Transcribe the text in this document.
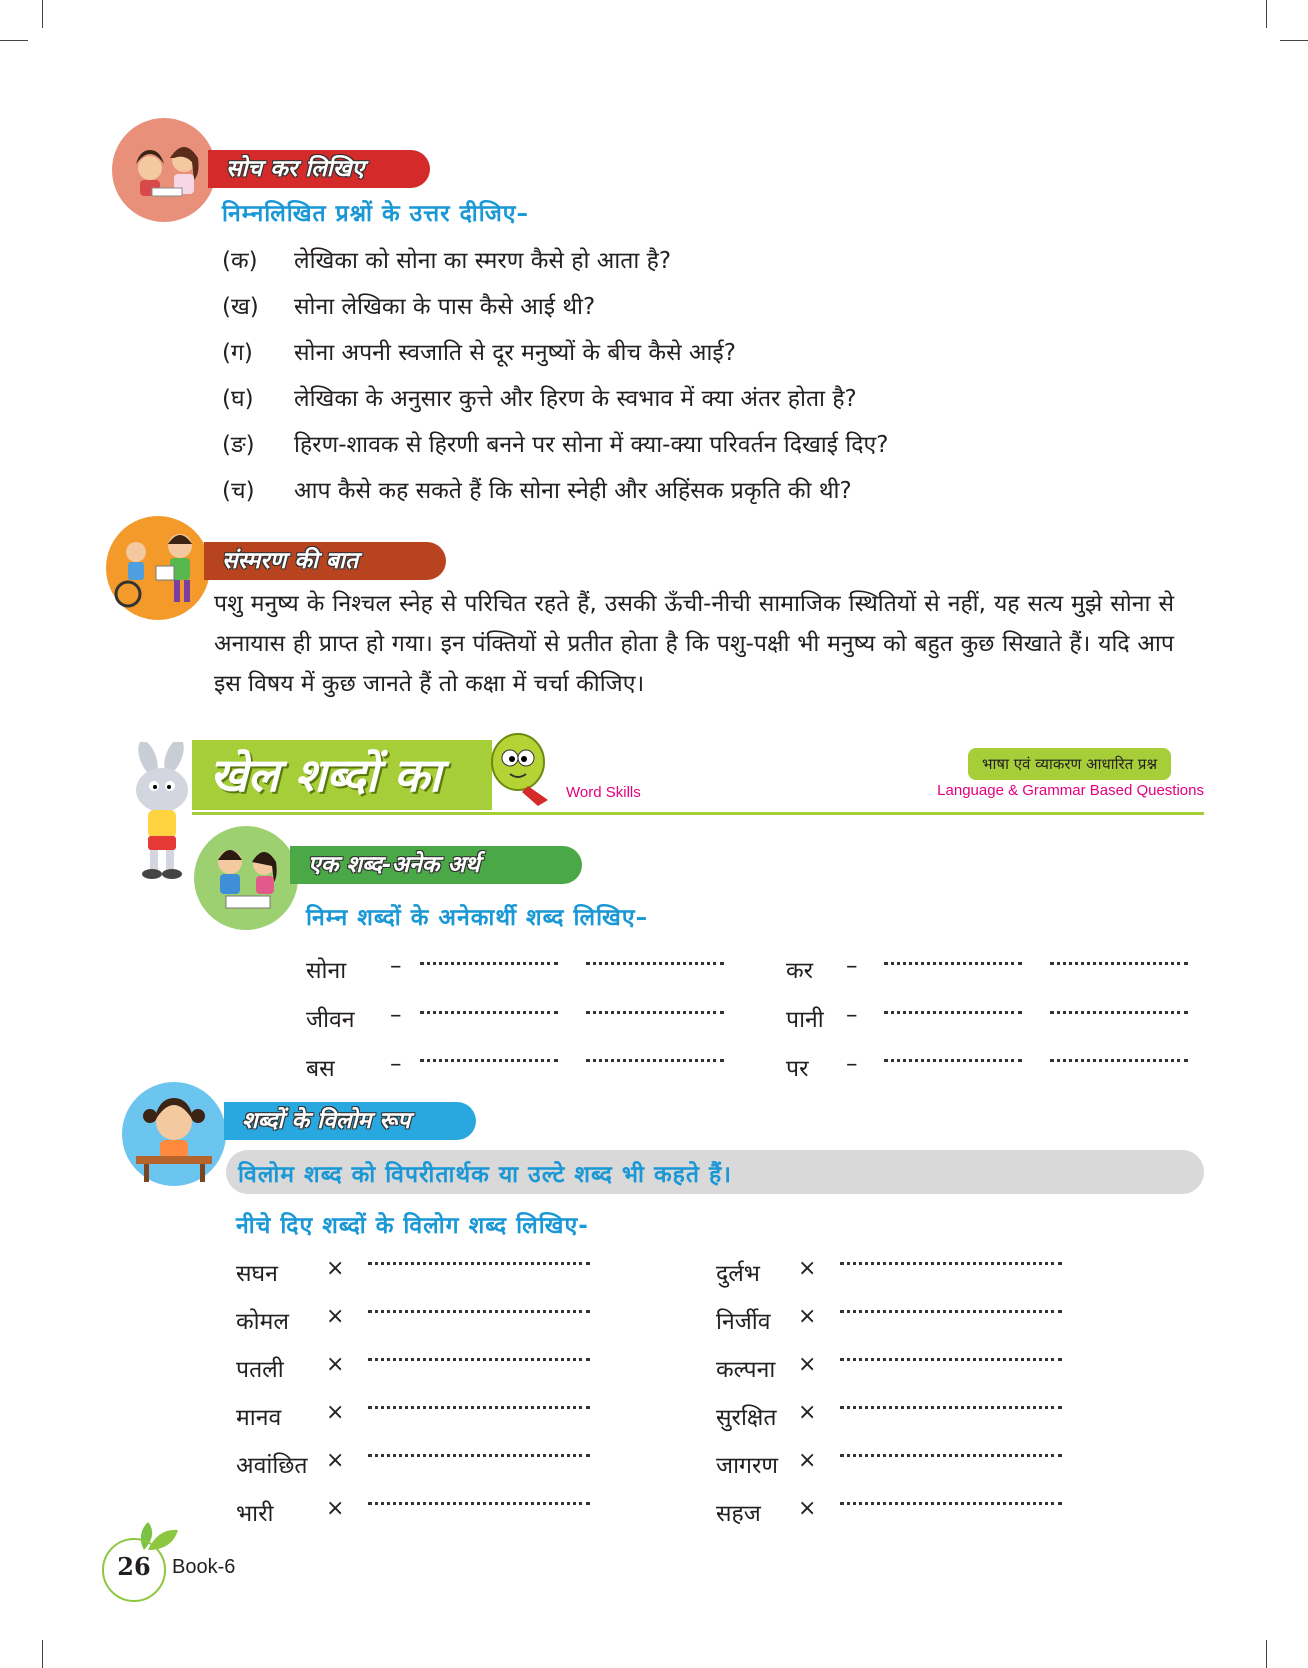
सोच कर लिखिए
निम्नलिखित प्रश्नों के उत्तर दीजिए–
(क) लेखिका को सोना का स्मरण कैसे हो आता है?
(ख) सोना लेखिका के पास कैसे आई थी?
(ग) सोना अपनी स्वजाति से दूर मनुष्यों के बीच कैसे आई?
(घ) लेखिका के अनुसार कुत्ते और हिरण के स्वभाव में क्या अंतर होता है?
(ङ) हिरण-शावक से हिरणी बनने पर सोना में क्या-क्या परिवर्तन दिखाई दिए?
(च) आप कैसे कह सकते हैं कि सोना स्नेही और अहिंसक प्रकृति की थी?
संस्मरण की बात
पशु मनुष्य के निश्चल स्नेह से परिचित रहते हैं, उसकी ऊँची-नीची सामाजिक स्थितियों से नहीं, यह सत्य मुझे सोना से अनायास ही प्राप्त हो गया। इन पंक्तियों से प्रतीत होता है कि पशु-पक्षी भी मनुष्य को बहुत कुछ सिखाते हैं। यदि आप इस विषय में कुछ जानते हैं तो कक्षा में चर्चा कीजिए।
खेल शब्दों का	Word Skills
भाषा एवं व्याकरण आधारित प्रश्न
Language & Grammar Based Questions
एक शब्द-अनेक अर्थ
निम्न शब्दों के अनेकार्थी शब्द लिखिए–
सोना –
जीवन –
बस –
कर –
पानी –
पर –
शब्दों के विलोम रूप
विलोम शब्द को विपरीतार्थक या उल्टे शब्द भी कहते हैं।
नीचे दिए शब्दों के विलोग शब्द लिखिए-
सघन ×
कोमल ×
पतली ×
मानव ×
अवांछित ×
भारी ×
दुर्लभ ×
निर्जीव ×
कल्पना ×
सुरक्षित ×
जागरण ×
सहज ×
26	Book-6
